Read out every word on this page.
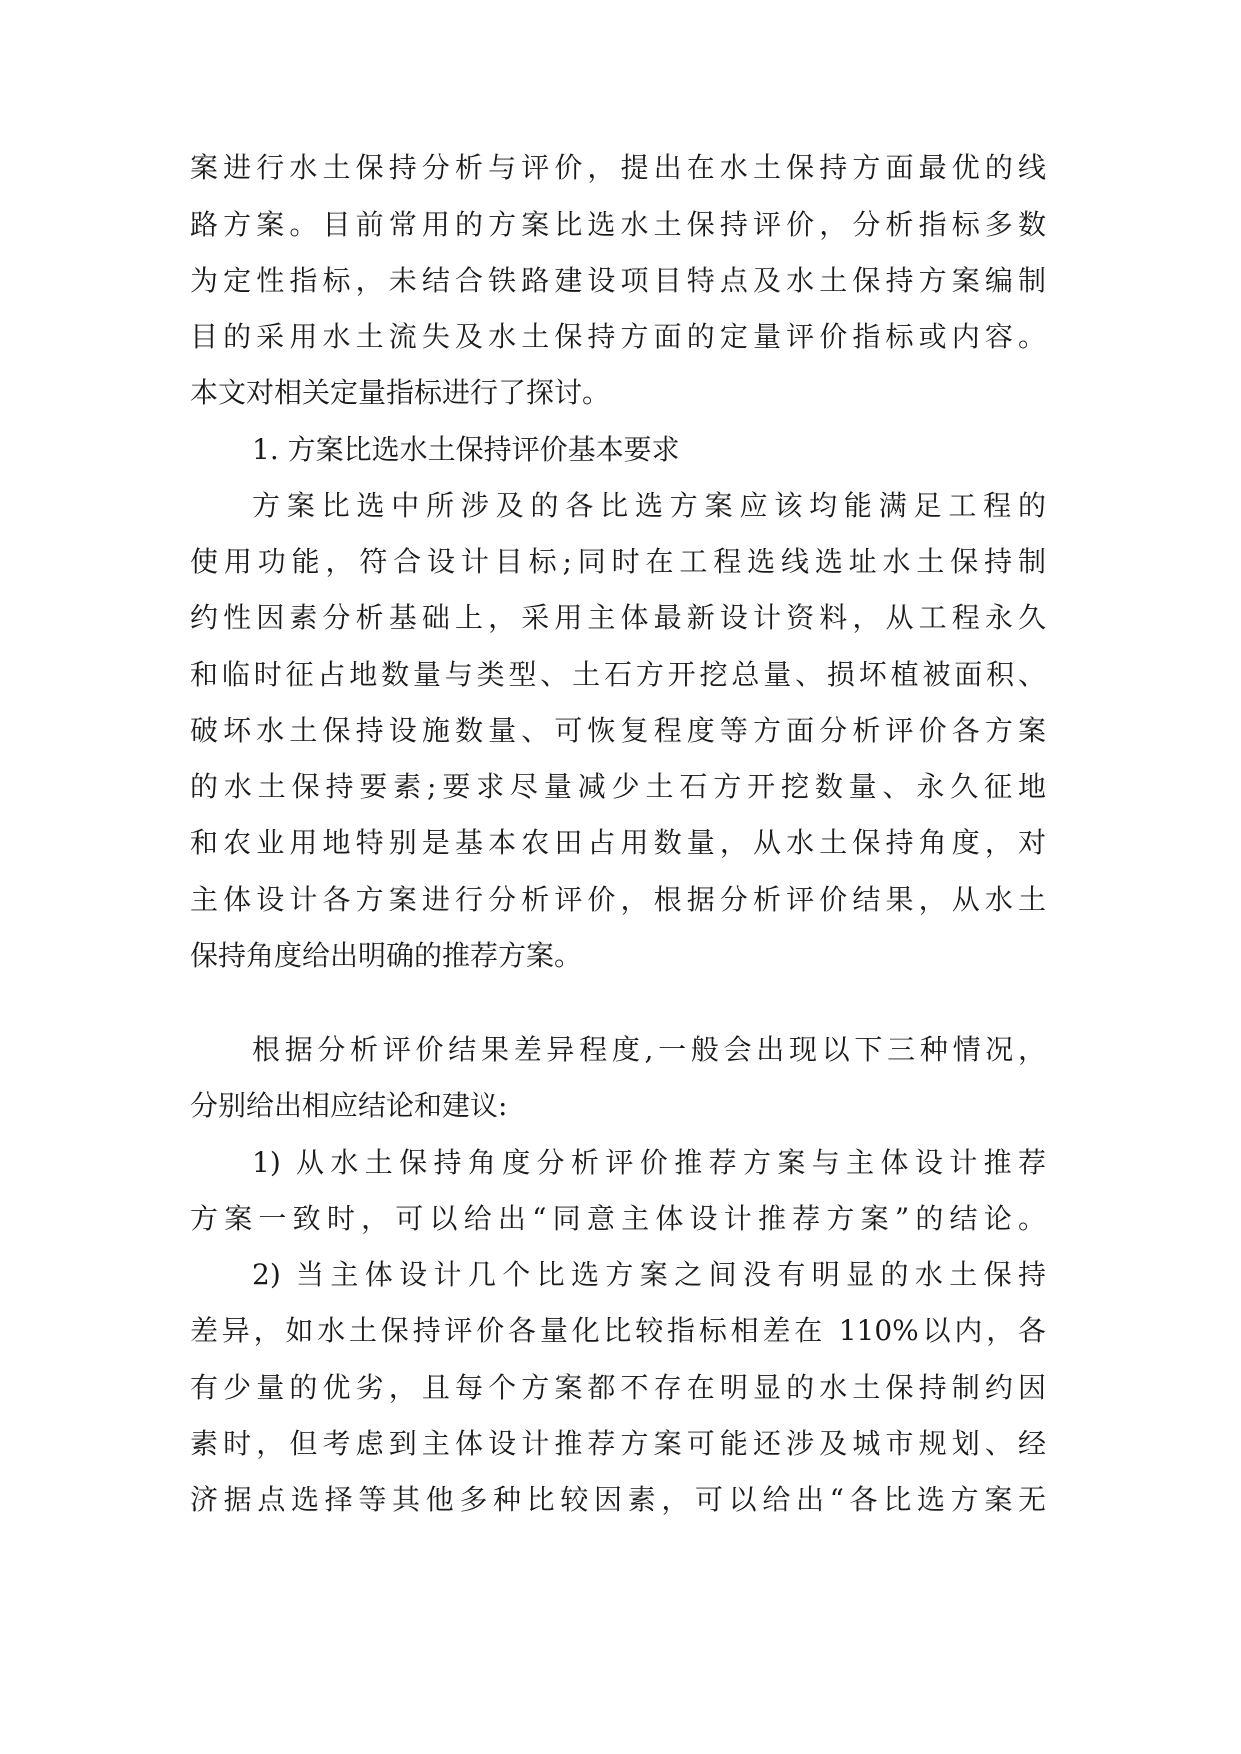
案进行水土保持分析与评价，提出在水土保持方面最优的线
路方案。目前常用的方案比选水土保持评价，分析指标多数
为定性指标，未结合铁路建设项目特点及水土保持方案编制
目的采用水土流失及水土保持方面的定量评价指标或内容。
本文对相关定量指标进行了探讨。
1. 方案比选水土保持评价基本要求
方案比选中所涉及的各比选方案应该均能满足工程的
使用功能，符合设计目标;同时在工程选线选址水土保持制
约性因素分析基础上，采用主体最新设计资料，从工程永久
和临时征占地数量与类型、土石方开挖总量、损坏植被面积、
破坏水土保持设施数量、可恢复程度等方面分析评价各方案
的水土保持要素;要求尽量减少土石方开挖数量、永久征地
和农业用地特别是基本农田占用数量，从水土保持角度，对
主体设计各方案进行分析评价，根据分析评价结果，从水土
保持角度给出明确的推荐方案。
根据分析评价结果差异程度,一般会出现以下三种情况，
分别给出相应结论和建议:
1) 从水土保持角度分析评价推荐方案与主体设计推荐
方案一致时，可以给出“同意主体设计推荐方案”的结论。
2) 当主体设计几个比选方案之间没有明显的水土保持
差异，如水土保持评价各量化比较指标相差在 110%以内，各
有少量的优劣，且每个方案都不存在明显的水土保持制约因
素时，但考虑到主体设计推荐方案可能还涉及城市规划、经
济据点选择等其他多种比较因素，可以给出“各比选方案无
